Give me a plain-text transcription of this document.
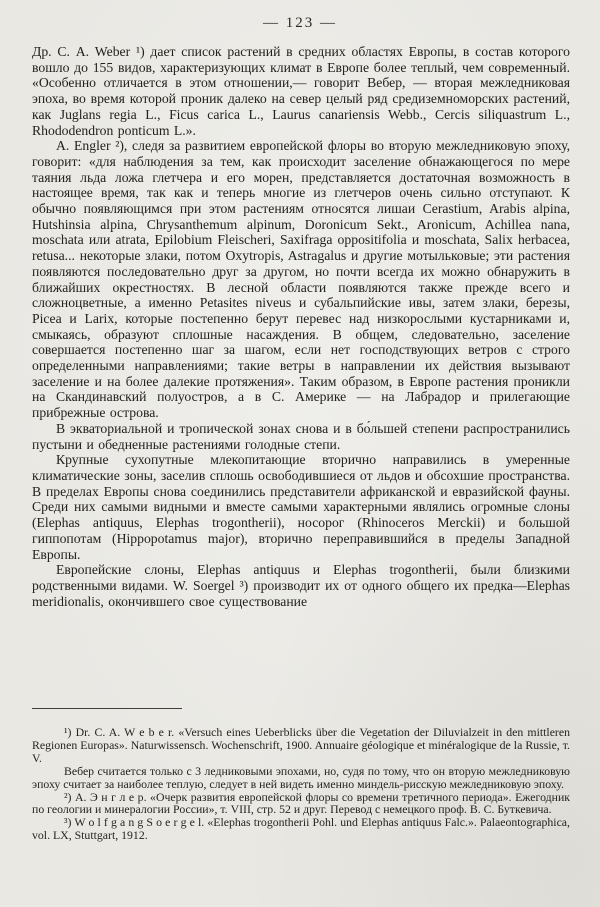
— 123 —

Др. С. А. Weber ¹) дает список растений в средних областях Европы, в состав которого вошло до 155 видов, характеризующих климат в Европе более теплый, чем современный. «Особенно отличается в этом отношении,— говорит Вебер, — вторая межледниковая эпоха, во время которой проник далеко на север целый ряд средиземноморских растений, как Juglans regia L., Ficus carica L., Laurus canariensis Webb., Cercis siliquastrum L., Rhododendron ponticum L.».

А. Engler ²), следя за развитием европейской флоры во вторую межледниковую эпоху, говорит: «для наблюдения за тем, как происходит заселение обнажающегося по мере таяния льда ложа глетчера и его морен, представляется достаточная возможность в настоящее время, так как и теперь многие из глетчеров очень сильно отступают. К обычно появляющимся при этом растениям относятся лишаи Cerastium, Arabis alpina, Hutshinsia alpina, Chrysanthemum alpinum, Doronicum Sekt., Aronicum, Achillea nana, moschata или atrata, Epilobium Fleischeri, Saxifraga oppositifolia и moschata, Salix herbacea, retusa... некоторые злаки, потом Oxytropis, Astragalus и другие мотыльковые; эти растения появляются последовательно друг за другом, но почти всегда их можно обнаружить в ближайших окрестностях. В лесной области появляются также прежде всего и сложноцветные, а именно Petasites niveus и субальпийские ивы, затем злаки, березы, Picea и Larix, которые постепенно берут перевес над низкорослыми кустарниками и, смыкаясь, образуют сплошные насаждения. В общем, следовательно, заселение совершается постепенно шаг за шагом, если нет господствующих ветров с строго определенными направлениями; такие ветры в направлении их действия вызывают заселение и на более далекие протяжения». Таким образом, в Европе растения проникли на Скандинавский полуостров, а в С. Америке — на Лабрадор и прилегающие прибрежные острова.

В экваториальной и тропической зонах снова и в бо́льшей степени распространились пустыни и обедненные растениями голодные степи.

Крупные сухопутные млекопитающие вторично направились в умеренные климатические зоны, заселив сплошь освободившиеся от льдов и обсохшие пространства. В пределах Европы снова соединились представители африканской и евразийской фауны. Среди них самыми видными и вместе самыми характерными являлись огромные слоны (Elephas antiquus, Elephas trogontherii), носорог (Rhinoceros Merckii) и большой гиппопотам (Hippopotamus major), вторично переправившийся в пределы Западной Европы.

Европейские слоны, Elephas antiquus и Elephas trogontherii, были близкими родственными видами. W. Soergel ³) производит их от одного общего их предка—Elephas meridionalis, окончившего свое существование

¹) Dr. C. A. W e b e r. «Versuch eines Ueberblicks über die Vegetation der Diluvialzeit in den mittleren Regionen Europas». Naturwissensch. Wochenschrift, 1900. Annuaire géologique et minéralogique de la Russie, т. V.

Вебер считается только с 3 ледниковыми эпохами, но, судя по тому, что он вторую межледниковую эпоху считает за наиболее теплую, следует в ней видеть именно миндель-рисскую межледниковую эпоху.

²) А. Э н г л е р. «Очерк развития европейской флоры со времени третичного периода». Ежегодник по геологии и минералогии России», т. VIII, стр. 52 и друг. Перевод с немецкого проф. В. С. Буткевича.

³) W o l f g a n g S o e r g e l. «Elephas trogontherii Pohl. und Elephas antiquus Falc.». Palaeontographica, vol. LX, Stuttgart, 1912.
